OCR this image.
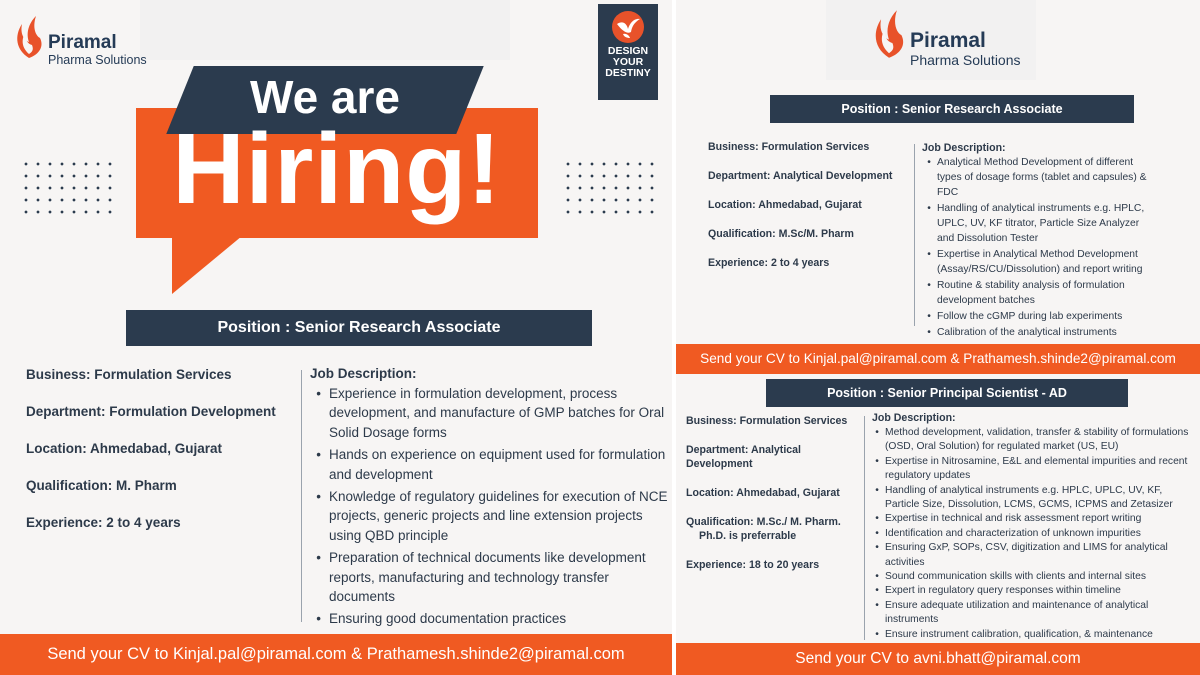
Piramal
Pharma Solutions
DESIGN
YOUR
DESTINY
We are
Hiring!
Position : Senior Research Associate

Business: Formulation Services

Department: Formulation Development

Location: Ahmedabad, Gujarat

Qualification: M. Pharm

Experience: 2 to 4 years

Job Description:
• Experience in formulation development, process development, and manufacture of GMP batches for Oral Solid Dosage forms
• Hands on experience on equipment used for formulation and development
• Knowledge of regulatory guidelines for execution of NCE projects, generic projects and line extension projects using QBD principle
• Preparation of technical documents like development reports, manufacturing and technology transfer documents
• Ensuring good documentation practices
Send your CV to Kinjal.pal@piramal.com & Prathamesh.shinde2@piramal.com
Piramal
Pharma Solutions
Position : Senior Research Associate

Business: Formulation Services

Department: Analytical Development

Location: Ahmedabad, Gujarat

Qualification: M.Sc/M. Pharm

Experience: 2 to 4 years

Job Description:
• Analytical Method Development of different types of dosage forms (tablet and capsules) & FDC
• Handling of analytical instruments e.g. HPLC, UPLC, UV, KF titrator, Particle Size Analyzer and Dissolution Tester
• Expertise in Analytical Method Development (Assay/RS/CU/Dissolution) and report writing
• Routine & stability analysis of formulation development batches
• Follow the cGMP during lab experiments
• Calibration of the analytical instruments
Send your CV to Kinjal.pal@piramal.com & Prathamesh.shinde2@piramal.com
Position : Senior Principal Scientist - AD

Business: Formulation Services

Department: Analytical

Development

Location: Ahmedabad, Gujarat

Qualification: M.Sc./ M. Pharm.

Ph.D. is preferrable

Experience: 18 to 20 years

Job Description:
• Method development, validation, transfer & stability of formulations (OSD, Oral Solution) for regulated market (US, EU)
• Expertise in Nitrosamine, E&L and elemental impurities and recent regulatory updates
• Handling of analytical instruments e.g. HPLC, UPLC, UV, KF, Particle Size, Dissolution, LCMS, GCMS, ICPMS and Zetasizer
• Expertise in technical and risk assessment report writing
• Identification and characterization of unknown impurities
• Ensuring GxP, SOPs, CSV, digitization and LIMS for analytical activities
• Sound communication skills with clients and internal sites
• Expert in regulatory query responses within timeline
• Ensure adequate utilization and maintenance of analytical instruments
• Ensure instrument calibration, qualification, & maintenance
Send your CV to avni.bhatt@piramal.com
